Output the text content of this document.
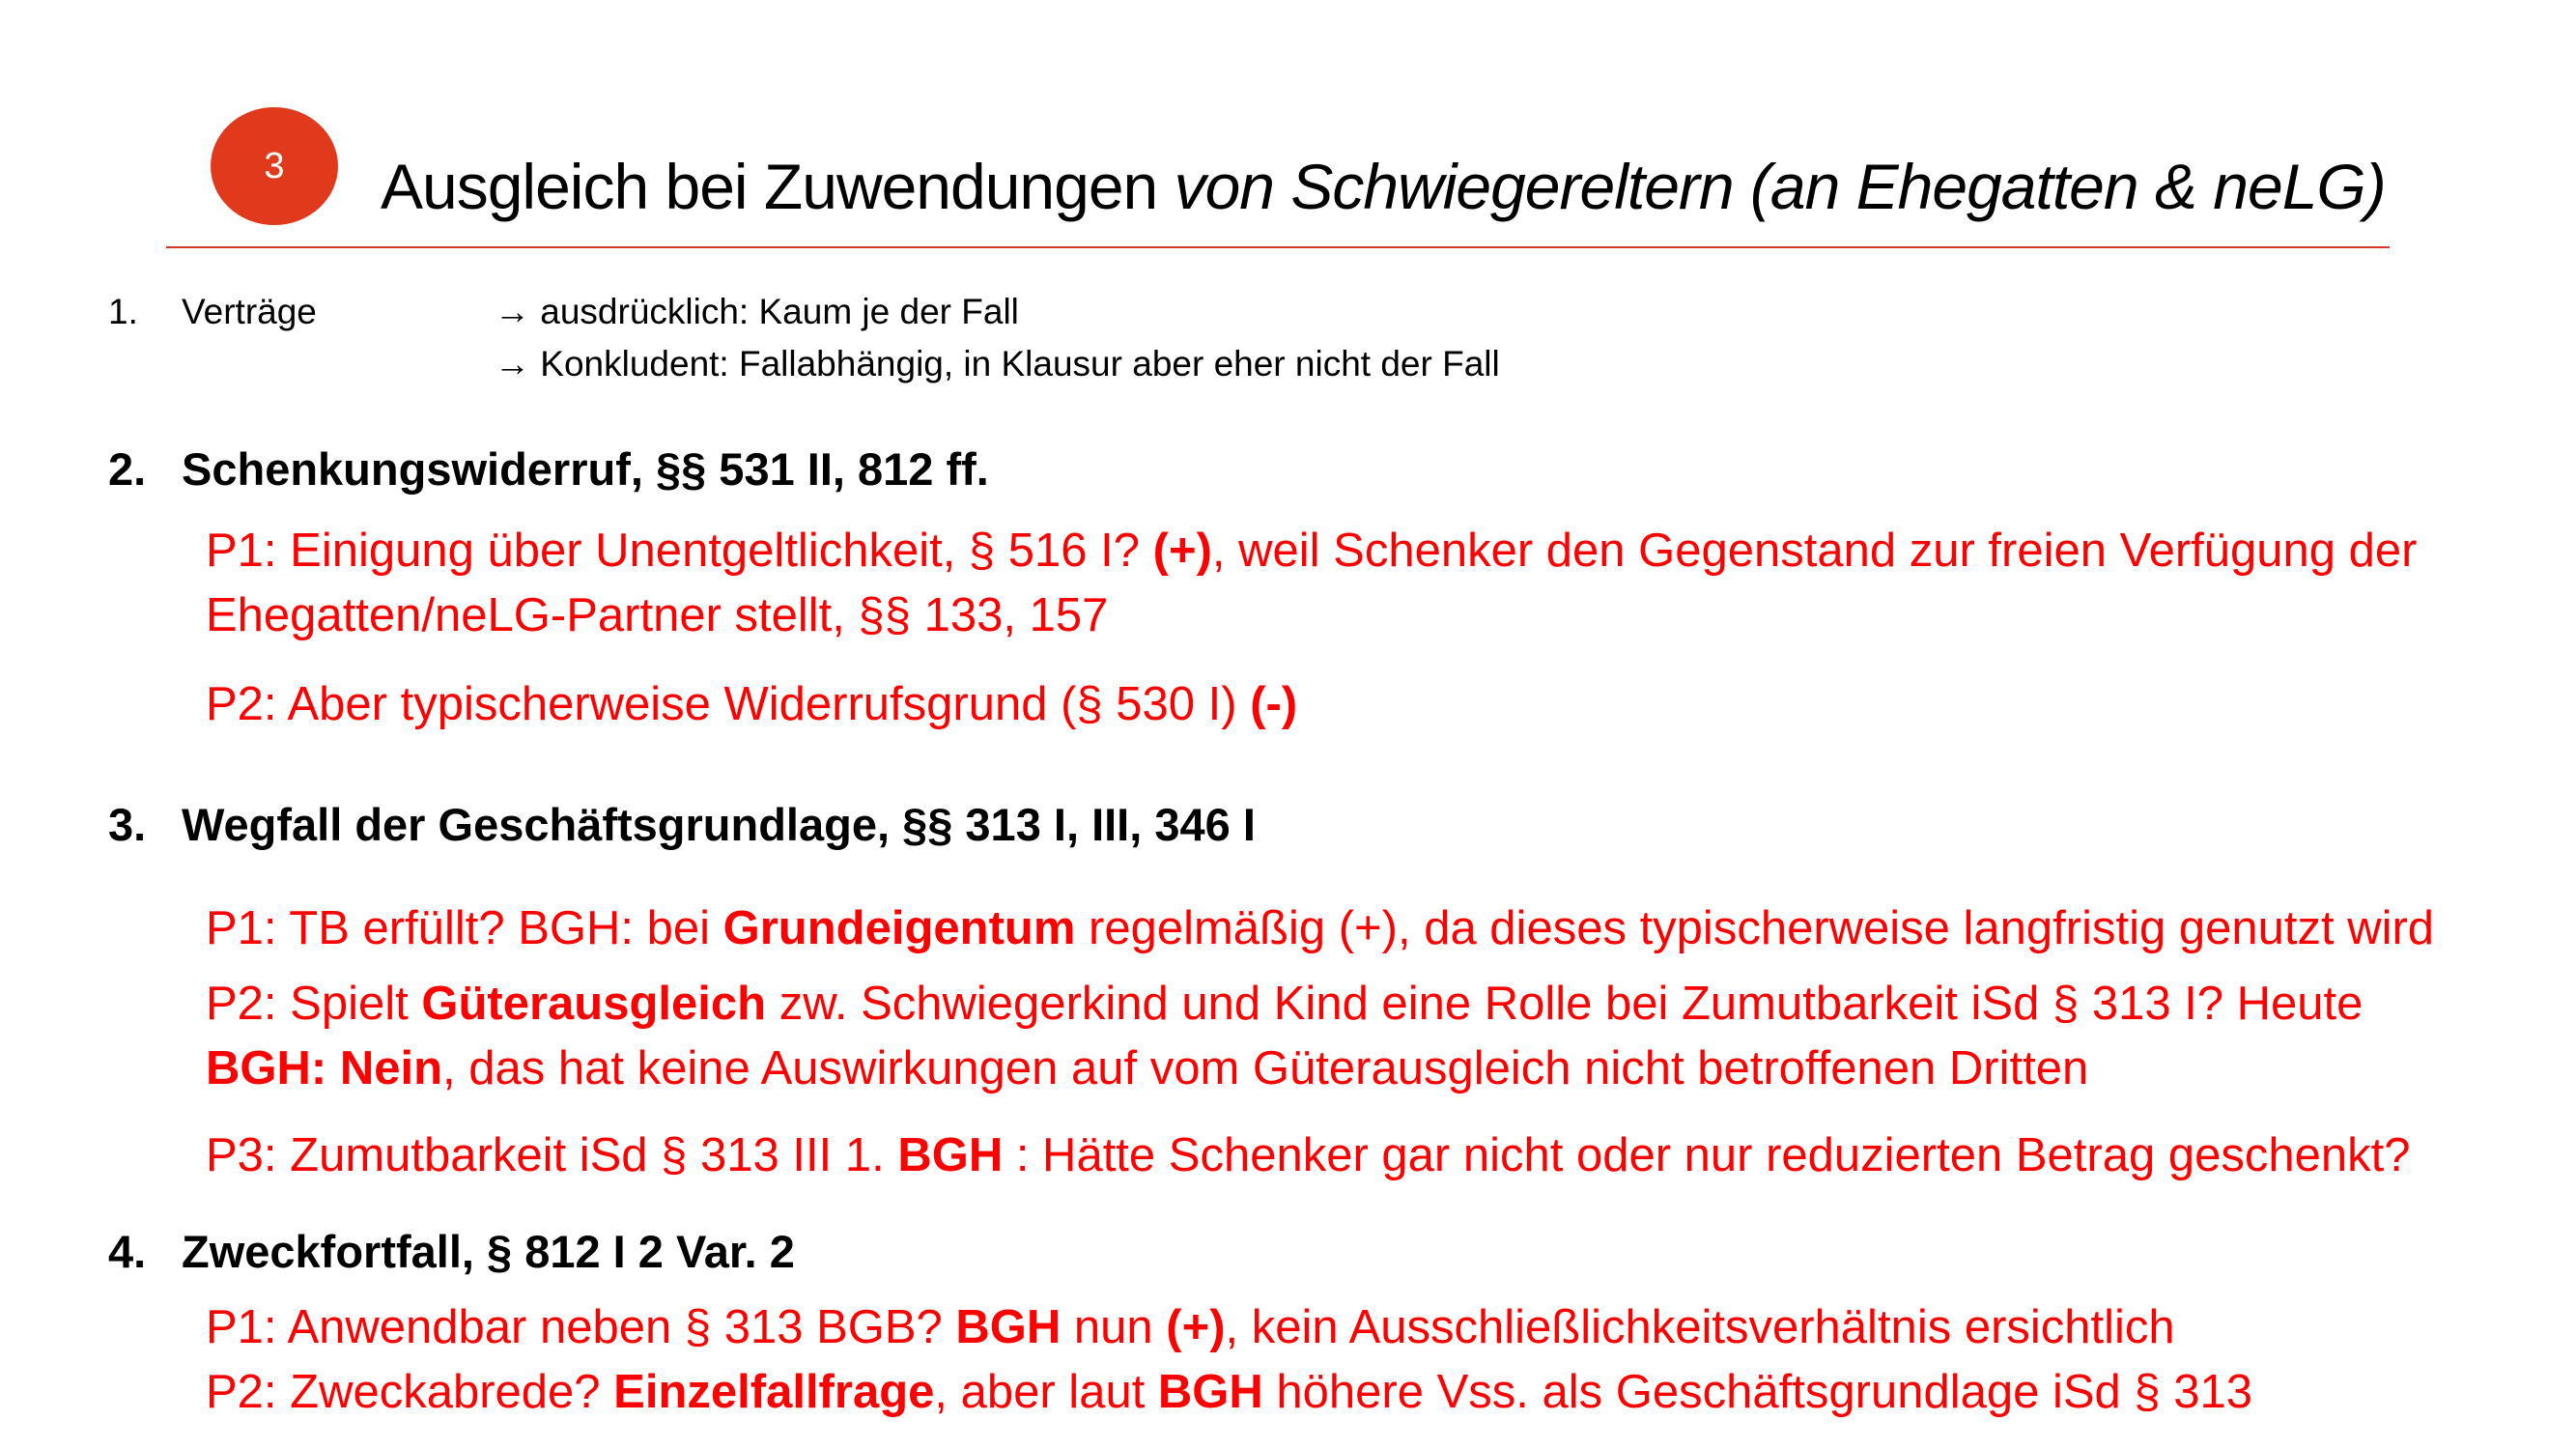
3	Ausgleich bei Zuwendungen von Schwiegereltern (an Ehegatten & neLG)
1. Verträge	→ ausdrücklich: Kaum je der Fall
→ Konkludent: Fallabhängig, in Klausur aber eher nicht der Fall
2. Schenkungswiderruf, §§ 531 II, 812 ff.
P1: Einigung über Unentgeltlichkeit, § 516 I? (+), weil Schenker den Gegenstand zur freien Verfügung der
Ehegatten/neLG-Partner stellt, §§ 133, 157
P2: Aber typischerweise Widerrufsgrund (§ 530 I) (-)
3. Wegfall der Geschäftsgrundlage, §§ 313 I, III, 346 I
P1: TB erfüllt? BGH: bei Grundeigentum regelmäßig (+), da dieses typischerweise langfristig genutzt wird
P2: Spielt Güterausgleich zw. Schwiegerkind und Kind eine Rolle bei Zumutbarkeit iSd § 313 I? Heute
BGH: Nein, das hat keine Auswirkungen auf vom Güterausgleich nicht betroffenen Dritten
P3: Zumutbarkeit iSd § 313 III 1. BGH : Hätte Schenker gar nicht oder nur reduzierten Betrag geschenkt?
4. Zweckfortfall, § 812 I 2 Var. 2
P1: Anwendbar neben § 313 BGB? BGH nun (+), kein Ausschließlichkeitsverhältnis ersichtlich
P2: Zweckabrede? Einzelfallfrage, aber laut BGH höhere Vss. als Geschäftsgrundlage iSd § 313
